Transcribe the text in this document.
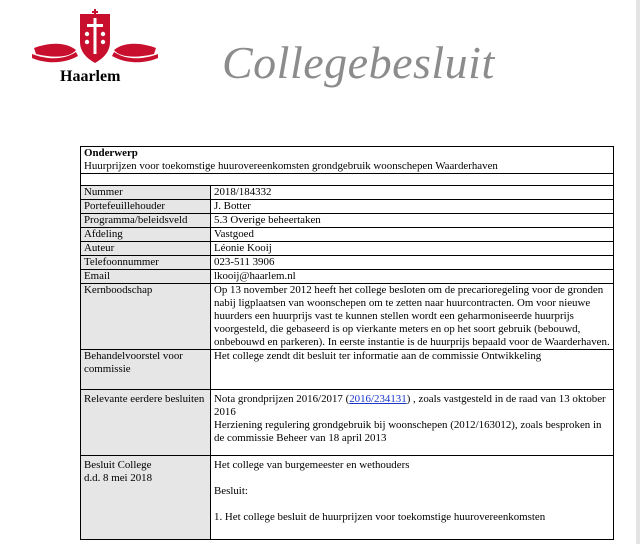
Haarlem Collegebesluit
Onderwerp
Huurprijzen voor toekomstige huurovereenkomsten grondgebruik woonschepen Waarderhaven	

Nummer	2018/184332
Portefeuillehouder	J. Botter
Programma/beleidsveld	5.3 Overige beheertaken
Afdeling	Vastgoed
Auteur	Léonie Kooij
Telefoonnummer	023-511 3906
Email	lkooij@haarlem.nl
Kernboodschap	Op 13 november 2012 heeft het college besloten om de precarioregeling voor de gronden nabij ligplaatsen van woonschepen om te zetten naar huurcontracten. Om voor nieuwe huurders een huurprijs vast te kunnen stellen wordt een geharmoniseerde huurprijs voorgesteld, die gebaseerd is op vierkante meters en op het soort gebruik (bebouwd, onbebouwd en parkeren). In eerste instantie is de huurprijs bepaald voor de Waarderhaven.
Behandelvoorstel voor commissie	Het college zendt dit besluit ter informatie aan de commissie Ontwikkeling
Relevante eerdere besluiten	Nota grondprijzen 2016/2017 (2016/234131) , zoals vastgesteld in de raad van 13 oktober 2016
Herziening regulering grondgebruik bij woonschepen (2012/163012), zoals besproken in de commissie Beheer van 18 april 2013

Besluit College
d.d. 8 mei 2018	Het college van burgemeester en wethouders
Besluit:
1. Het college besluit de huurprijzen voor toekomstige huurovereenkomsten
